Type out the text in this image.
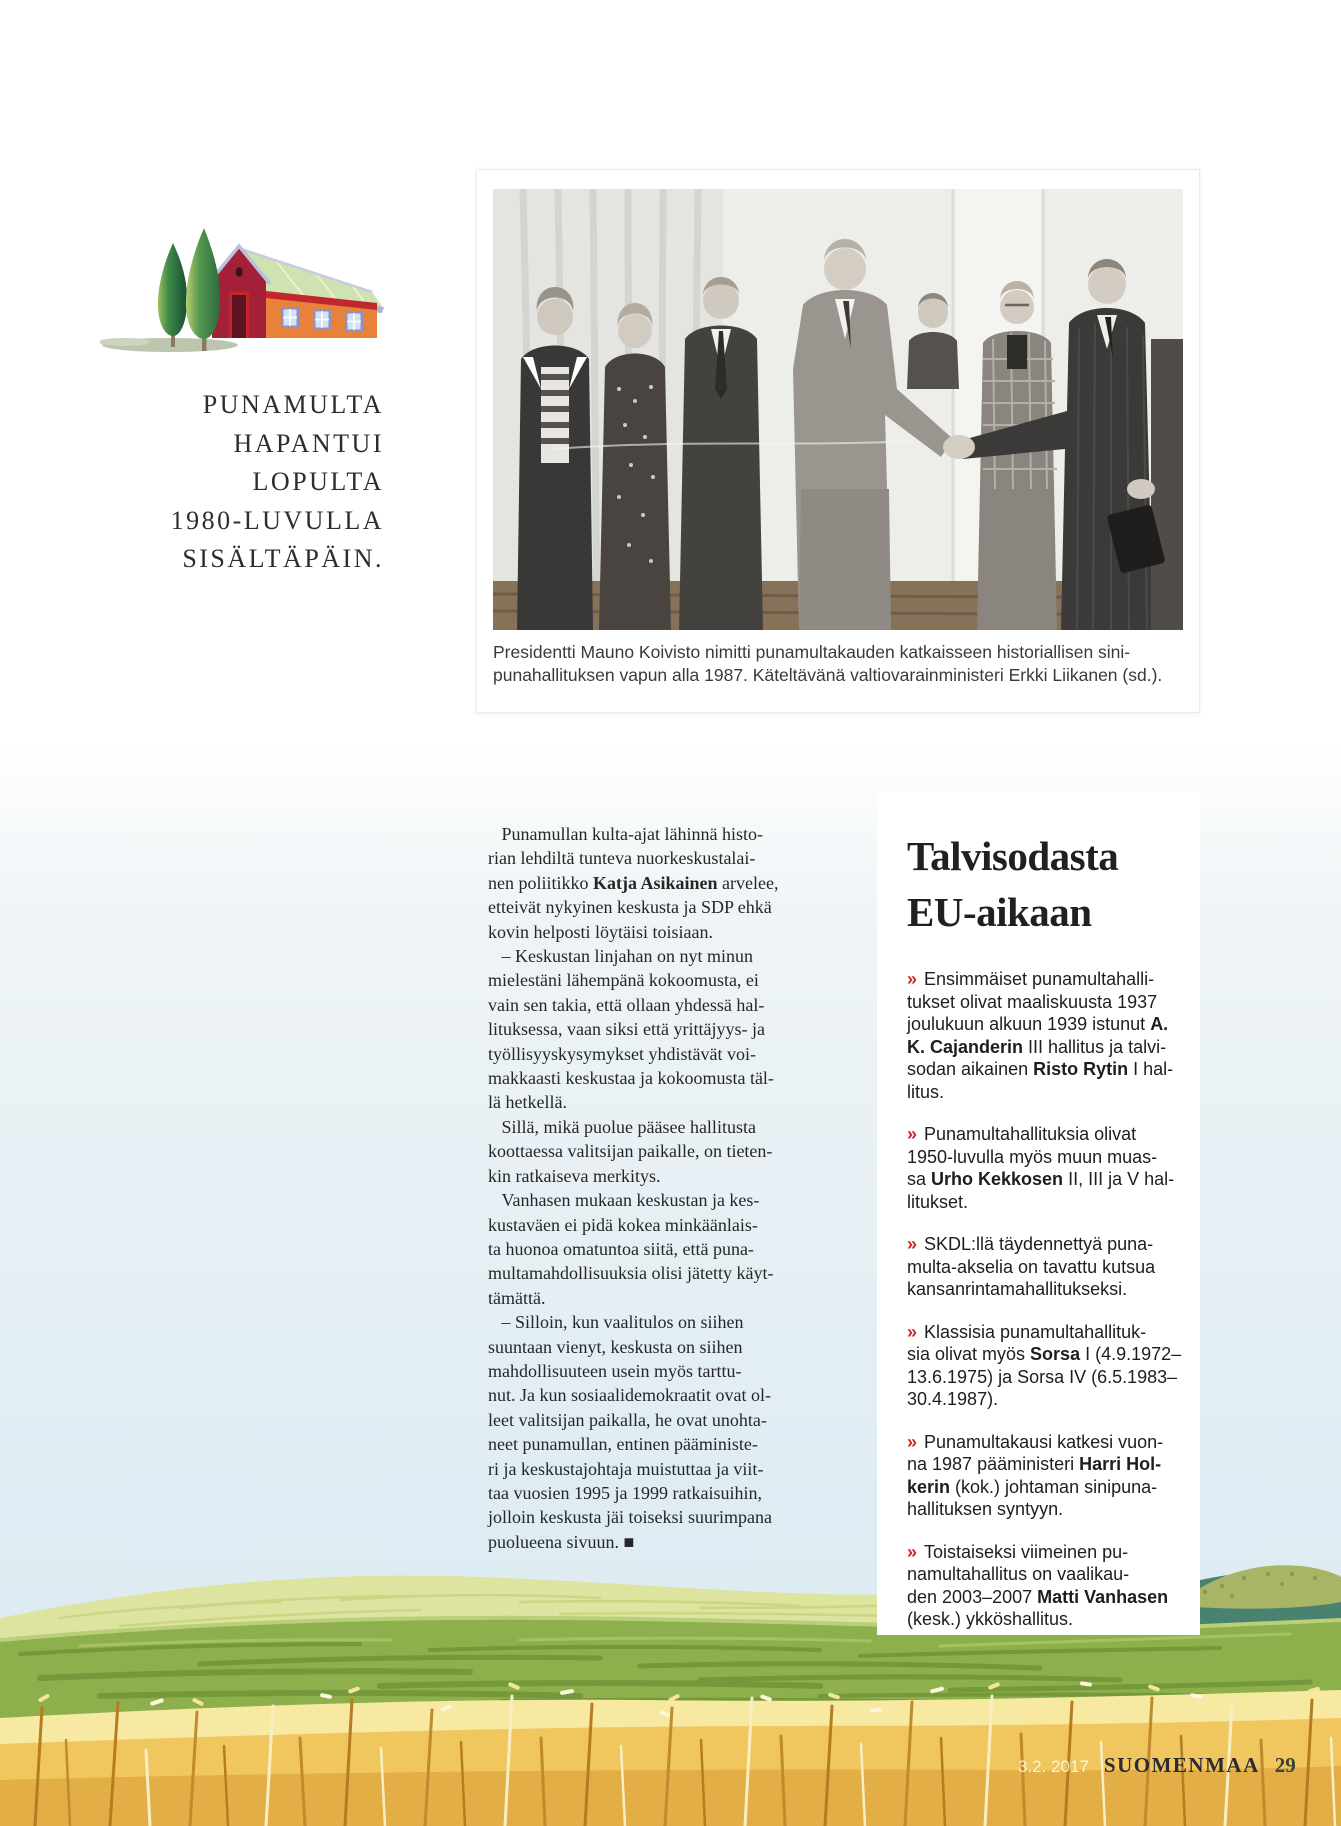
PUNAMULTA
HAPANTUI
LOPULTA
1980-LUVULLA
SISÄLTÄPÄIN.
Presidentti Mauno Koivisto nimitti punamultakauden katkaisseen historiallisen sini-
punahallituksen vapun alla 1987. Käteltävänä valtiovarainministeri Erkki Liikanen (sd.).

Punamullan kulta-ajat lähinnä histo-
rian lehdiltä tunteva nuorkeskustalai-
nen poliitikko Katja Asikainen arvelee,
etteivät nykyinen keskusta ja SDP ehkä
kovin helposti löytäisi toisiaan.

– Keskustan linjahan on nyt minun
mielestäni lähempänä kokoomusta, ei
vain sen takia, että ollaan yhdessä hal-
lituksessa, vaan siksi että yrittäjyys- ja
työllisyyskysymykset yhdistävät voi-
makkaasti keskustaa ja kokoomusta täl-
lä hetkellä.

Sillä, mikä puolue pääsee hallitusta
koottaessa valitsijan paikalle, on tieten-
kin ratkaiseva merkitys.

Vanhasen mukaan keskustan ja kes-
kustaväen ei pidä kokea minkäänlais-
ta huonoa omatuntoa siitä, että puna-
multamahdollisuuksia olisi jätetty käyt-
tämättä.

– Silloin, kun vaalitulos on siihen
suuntaan vienyt, keskusta on siihen
mahdollisuuteen usein myös tarttu-
nut. Ja kun sosiaalidemokraatit ovat ol-
leet valitsijan paikalla, he ovat unohta-
neet punamullan, entinen pääministe-
ri ja keskustajohtaja muistuttaa ja viit-
taa vuosien 1995 ja 1999 ratkaisuihin,
jolloin keskusta jäi toiseksi suurimpana
puolueena sivuun. ■

Talvisodasta
EU-aikaan

» Ensimmäiset punamultahalli-
tukset olivat maaliskuusta 1937
joulukuun alkuun 1939 istunut A.
K. Cajanderin III hallitus ja talvi-
sodan aikainen Risto Rytin I hal-
litus.

» Punamultahallituksia olivat
1950-luvulla myös muun muas-
sa Urho Kekkosen II, III ja V hal-
litukset.

» SKDL:llä täydennettyä puna-
multa-akselia on tavattu kutsua
kansanrintamahallitukseksi.

» Klassisia punamultahallituk-
sia olivat myös Sorsa I (4.9.1972–
13.6.1975) ja Sorsa IV (6.5.1983–
30.4.1987).

» Punamultakausi katkesi vuon-
na 1987 pääministeri Harri Hol-
kerin (kok.) johtaman sinipuna-
hallituksen syntyyn.

» Toistaiseksi viimeinen pu-
namultahallitus on vaalikau-
den 2003–2007 Matti Vanhasen
(kesk.) ykköshallitus.

3.2. 2017 SUOMENMAA 29
